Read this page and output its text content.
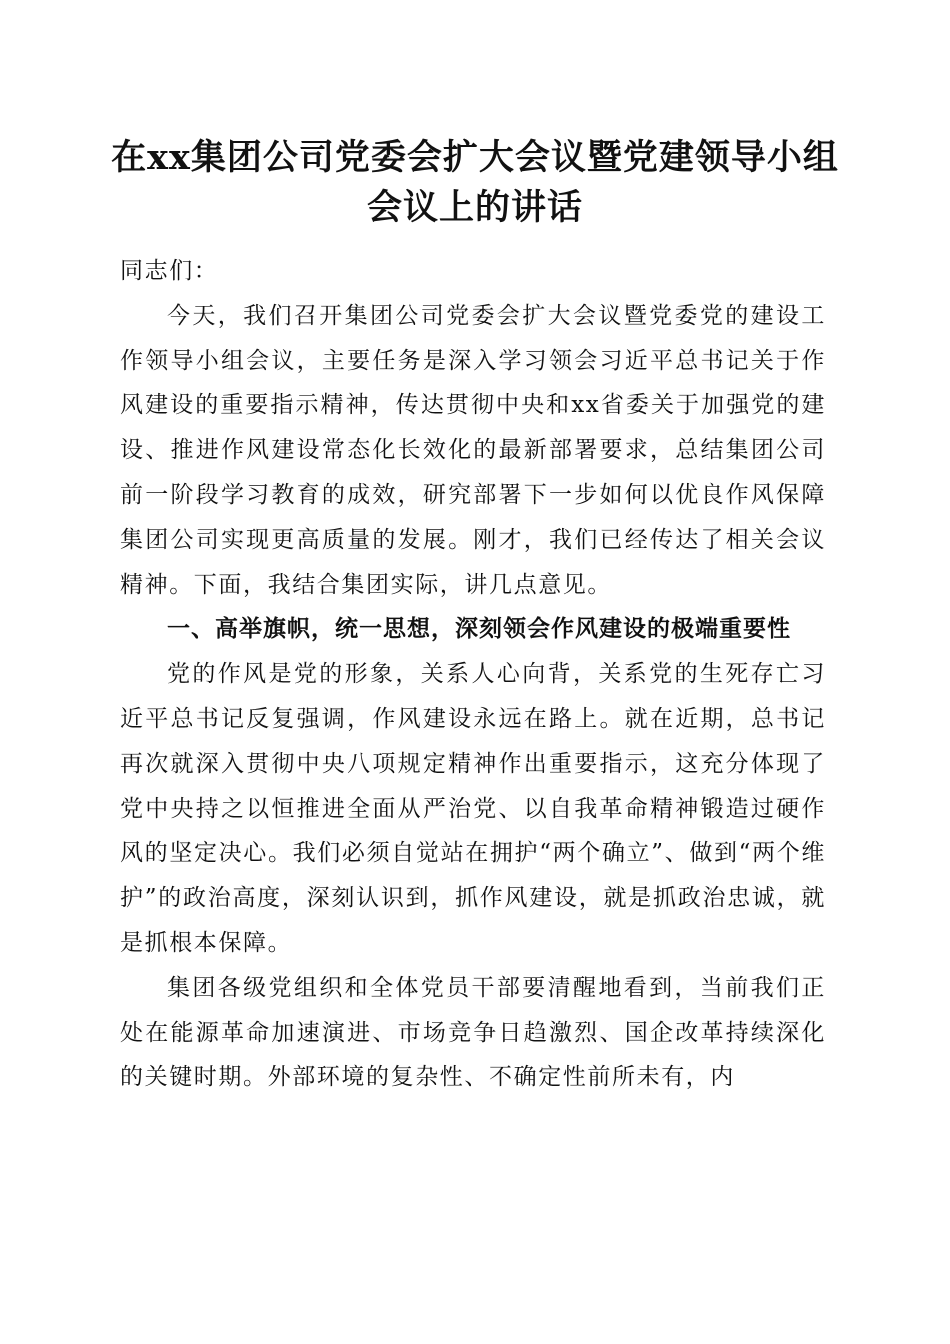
在xx集团公司党委会扩大会议暨党建领导小组会议上的讲话

同志们：

今天，我们召开集团公司党委会扩大会议暨党委党的建设工作领导小组会议，主要任务是深入学习领会习近平总书记关于作风建设的重要指示精神，传达贯彻中央和xx省委关于加强党的建设、推进作风建设常态化长效化的最新部署要求，总结集团公司前一阶段学习教育的成效，研究部署下一步如何以优良作风保障集团公司实现更高质量的发展。刚才，我们已经传达了相关会议精神。下面，我结合集团实际，讲几点意见。

一、高举旗帜，统一思想，深刻领会作风建设的极端重要性

党的作风是党的形象，关系人心向背，关系党的生死存亡习近平总书记反复强调，作风建设永远在路上。就在近期，总书记再次就深入贯彻中央八项规定精神作出重要指示，这充分体现了党中央持之以恒推进全面从严治党、以自我革命精神锻造过硬作风的坚定决心。我们必须自觉站在拥护“两个确立”、做到“两个维护”的政治高度，深刻认识到，抓作风建设，就是抓政治忠诚，就是抓根本保障。

集团各级党组织和全体党员干部要清醒地看到，当前我们正处在能源革命加速演进、市场竞争日趋激烈、国企改革持续深化的关键时期。外部环境的复杂性、不确定性前所未有，内
